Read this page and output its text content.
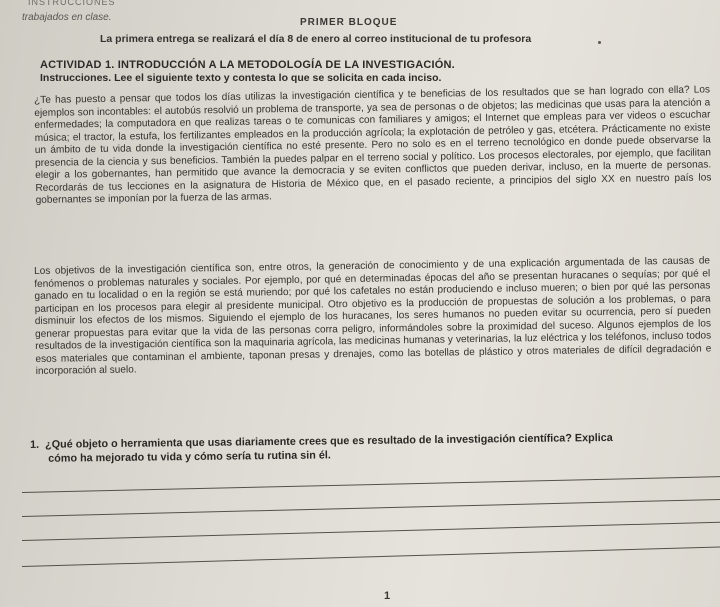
INSTRUCCIONES
trabajados en clase.	PRIMER BLOQUE
La primera entrega se realizará el día 8 de enero al correo institucional de tu profesora
ACTIVIDAD 1. INTRODUCCIÓN A LA METODOLOGÍA DE LA INVESTIGACIÓN.
Instrucciones. Lee el siguiente texto y contesta lo que se solicita en cada inciso.
¿Te has puesto a pensar que todos los días utilizas la investigación científica y te beneficias de los resultados que se han logrado con ella? Los ejemplos son incontables: el autobús resolvió un problema de transporte, ya sea de personas o de objetos; las medicinas que usas para la atención a enfermedades; la computadora en que realizas tareas o te comunicas con familiares y amigos; el Internet que empleas para ver videos o escuchar música; el tractor, la estufa, los fertilizantes empleados en la producción agrícola; la explotación de petróleo y gas, etcétera. Prácticamente no existe un ámbito de tu vida donde la investigación científica no esté presente. Pero no solo es en el terreno tecnológico en donde puede observarse la presencia de la ciencia y sus beneficios. También la puedes palpar en el terreno social y político. Los procesos electorales, por ejemplo, que facilitan elegir a los gobernantes, han permitido que avance la democracia y se eviten conflictos que pueden derivar, incluso, en la muerte de personas. Recordarás de tus lecciones en la asignatura de Historia de México que, en el pasado reciente, a principios del siglo XX en nuestro país los gobernantes se imponían por la fuerza de las armas.
Los objetivos de la investigación científica son, entre otros, la generación de conocimiento y de una explicación argumentada de las causas de fenómenos o problemas naturales y sociales. Por ejemplo, por qué en determinadas épocas del año se presentan huracanes o sequías; por qué el ganado en tu localidad o en la región se está muriendo; por qué los cafetales no están produciendo e incluso mueren; o bien por qué las personas participan en los procesos para elegir al presidente municipal. Otro objetivo es la producción de propuestas de solución a los problemas, o para disminuir los efectos de los mismos. Siguiendo el ejemplo de los huracanes, los seres humanos no pueden evitar su ocurrencia, pero sí pueden generar propuestas para evitar que la vida de las personas corra peligro, informándoles sobre la proximidad del suceso. Algunos ejemplos de los resultados de la investigación científica son la maquinaria agrícola, las medicinas humanas y veterinarias, la luz eléctrica y los teléfonos, incluso todos esos materiales que contaminan el ambiente, taponan presas y drenajes, como las botellas de plástico y otros materiales de difícil degradación e incorporación al suelo.
1. ¿Qué objeto o herramienta que usas diariamente crees que es resultado de la investigación científica? Explica
cómo ha mejorado tu vida y cómo sería tu rutina sin él.
1
